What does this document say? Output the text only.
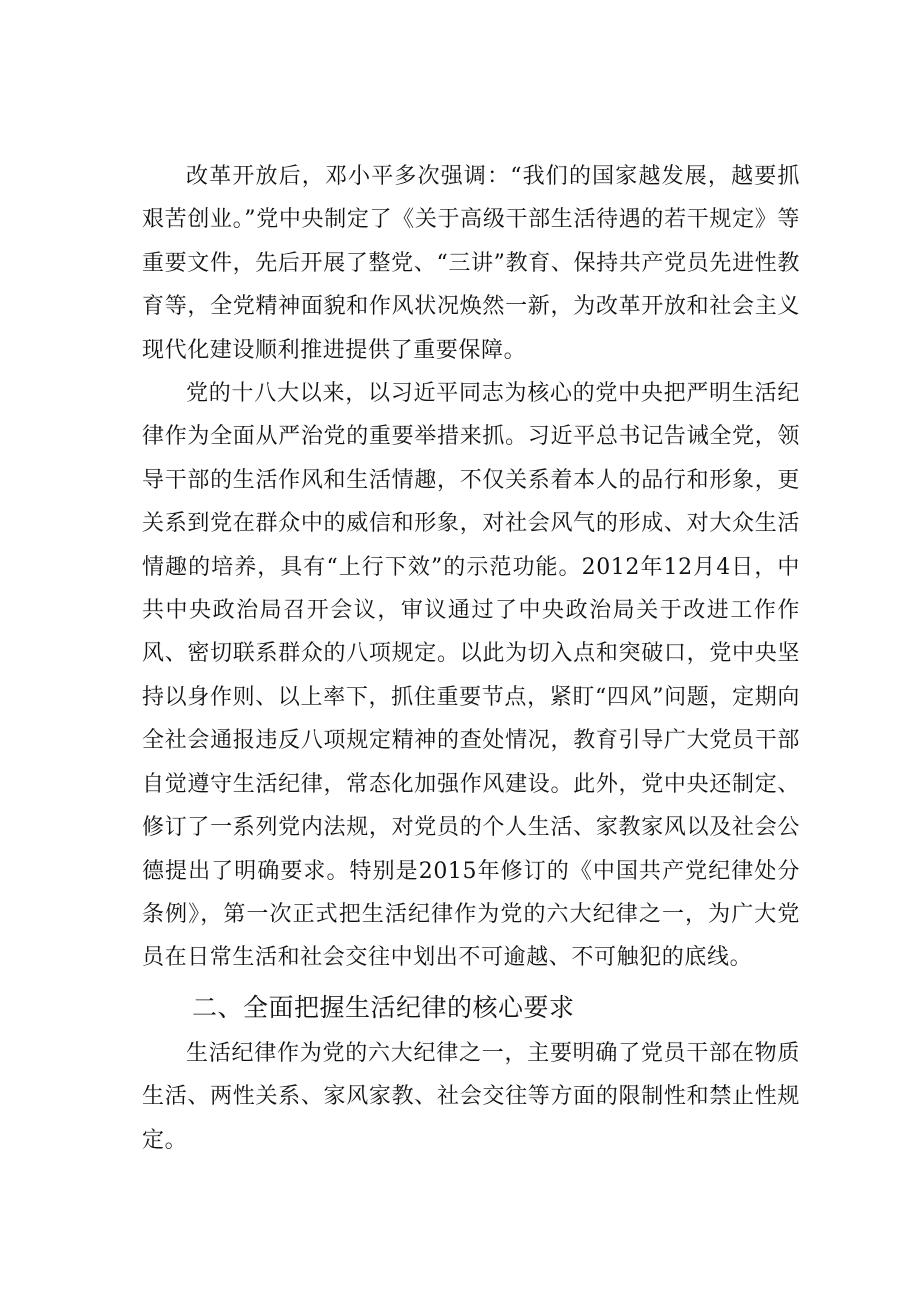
改革开放后，邓小平多次强调：“我们的国家越发展，越要抓艰苦创业。”党中央制定了《关于高级干部生活待遇的若干规定》等重要文件，先后开展了整党、“三讲”教育、保持共产党员先进性教育等，全党精神面貌和作风状况焕然一新，为改革开放和社会主义现代化建设顺利推进提供了重要保障。

党的十八大以来，以习近平同志为核心的党中央把严明生活纪律作为全面从严治党的重要举措来抓。习近平总书记告诫全党，领导干部的生活作风和生活情趣，不仅关系着本人的品行和形象，更关系到党在群众中的威信和形象，对社会风气的形成、对大众生活情趣的培养，具有“上行下效”的示范功能。2012年12月4日，中共中央政治局召开会议，审议通过了中央政治局关于改进工作作风、密切联系群众的八项规定。以此为切入点和突破口，党中央坚持以身作则、以上率下，抓住重要节点，紧盯“四风”问题，定期向全社会通报违反八项规定精神的查处情况，教育引导广大党员干部自觉遵守生活纪律，常态化加强作风建设。此外，党中央还制定、修订了一系列党内法规，对党员的个人生活、家教家风以及社会公德提出了明确要求。特别是2015年修订的《中国共产党纪律处分条例》，第一次正式把生活纪律作为党的六大纪律之一，为广大党员在日常生活和社会交往中划出不可逾越、不可触犯的底线。

二、全面把握生活纪律的核心要求

生活纪律作为党的六大纪律之一，主要明确了党员干部在物质生活、两性关系、家风家教、社会交往等方面的限制性和禁止性规定。
